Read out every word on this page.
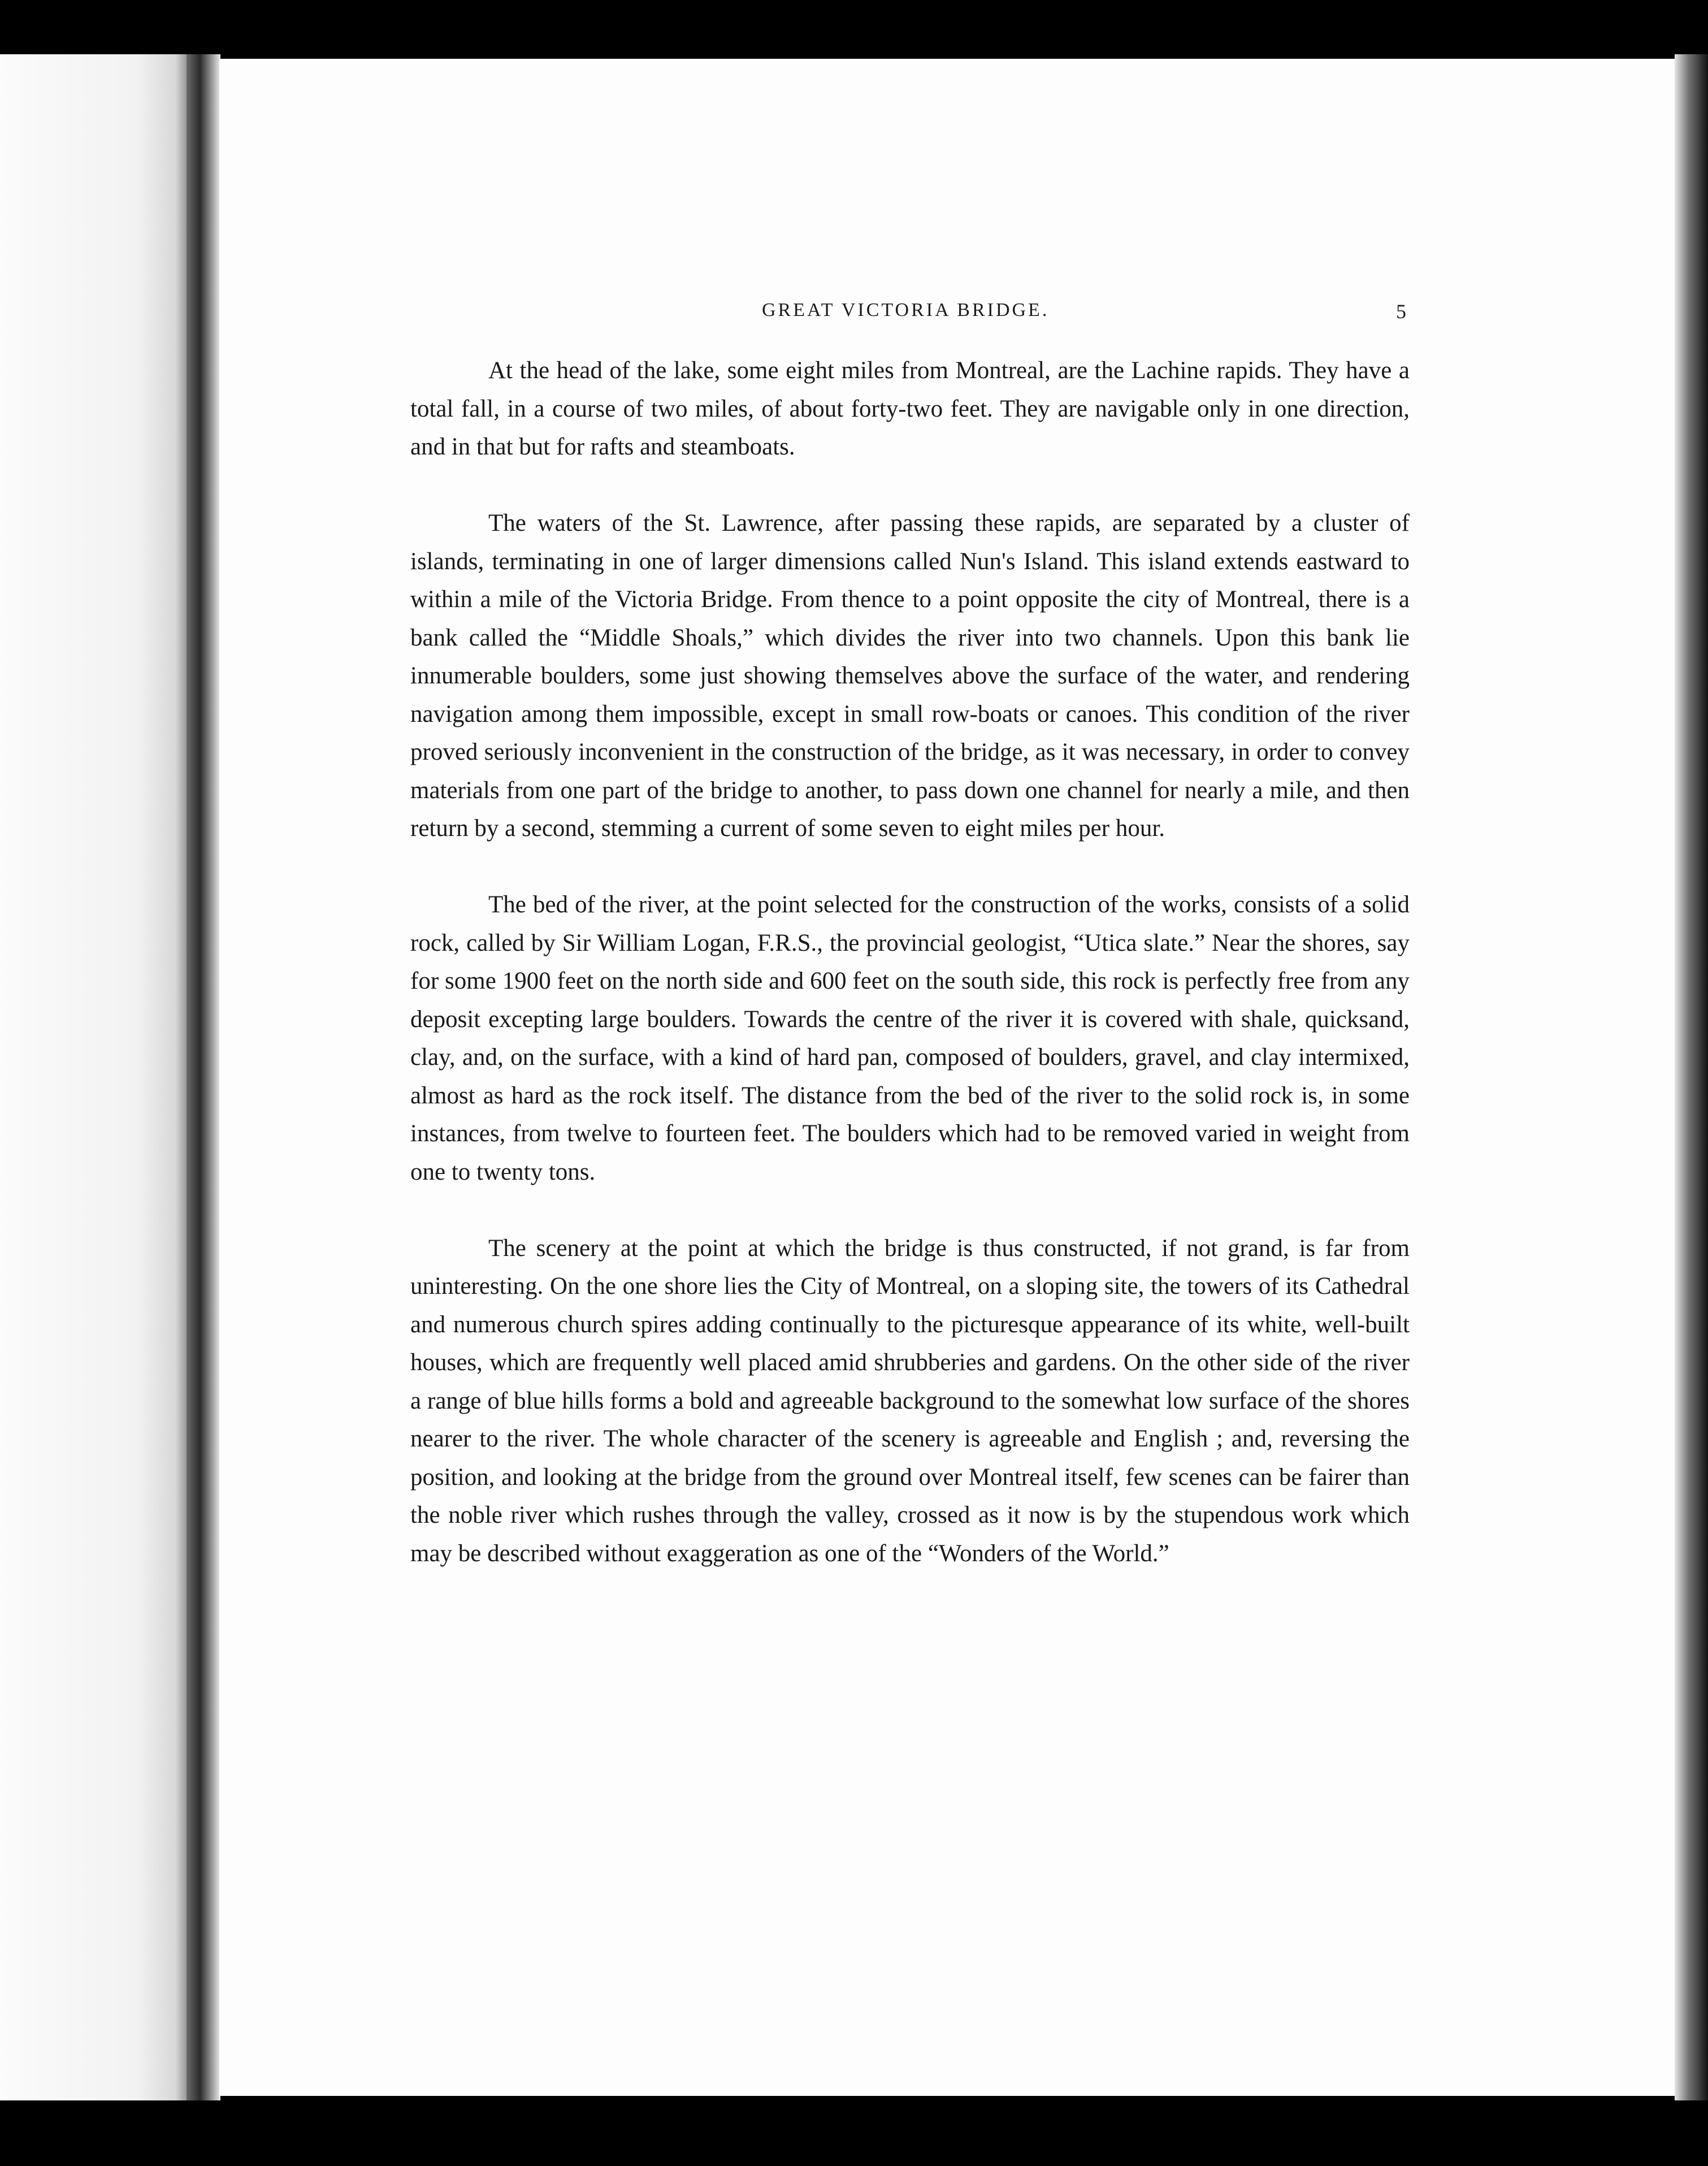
GREAT VICTORIA BRIDGE.	5

At the head of the lake, some eight miles from Montreal, are the Lachine rapids. They have a total fall, in a course of two miles, of about forty-two feet. They are navigable only in one direction, and in that but for rafts and steamboats.

The waters of the St. Lawrence, after passing these rapids, are separated by a cluster of islands, terminating in one of larger dimensions called Nun's Island. This island extends eastward to within a mile of the Victoria Bridge. From thence to a point opposite the city of Montreal, there is a bank called the “Middle Shoals,” which divides the river into two channels. Upon this bank lie innumerable boulders, some just showing themselves above the surface of the water, and rendering navigation among them impossible, except in small row-boats or canoes. This condition of the river proved seriously inconvenient in the construction of the bridge, as it was necessary, in order to convey materials from one part of the bridge to another, to pass down one channel for nearly a mile, and then return by a second, stemming a current of some seven to eight miles per hour.

The bed of the river, at the point selected for the construction of the works, consists of a solid rock, called by Sir William Logan, F.R.S., the provincial geologist, “Utica slate.” Near the shores, say for some 1900 feet on the north side and 600 feet on the south side, this rock is perfectly free from any deposit excepting large boulders. Towards the centre of the river it is covered with shale, quicksand, clay, and, on the surface, with a kind of hard pan, composed of boulders, gravel, and clay intermixed, almost as hard as the rock itself. The distance from the bed of the river to the solid rock is, in some instances, from twelve to fourteen feet. The boulders which had to be removed varied in weight from one to twenty tons.

The scenery at the point at which the bridge is thus constructed, if not grand, is far from uninteresting. On the one shore lies the City of Montreal, on a sloping site, the towers of its Cathedral and numerous church spires adding continually to the picturesque appearance of its white, well-built houses, which are frequently well placed amid shrubberies and gardens. On the other side of the river a range of blue hills forms a bold and agreeable background to the somewhat low surface of the shores nearer to the river. The whole character of the scenery is agreeable and English ; and, reversing the position, and looking at the bridge from the ground over Montreal itself, few scenes can be fairer than the noble river which rushes through the valley, crossed as it now is by the stupendous work which may be described without exaggeration as one of the “Wonders of the World.”
